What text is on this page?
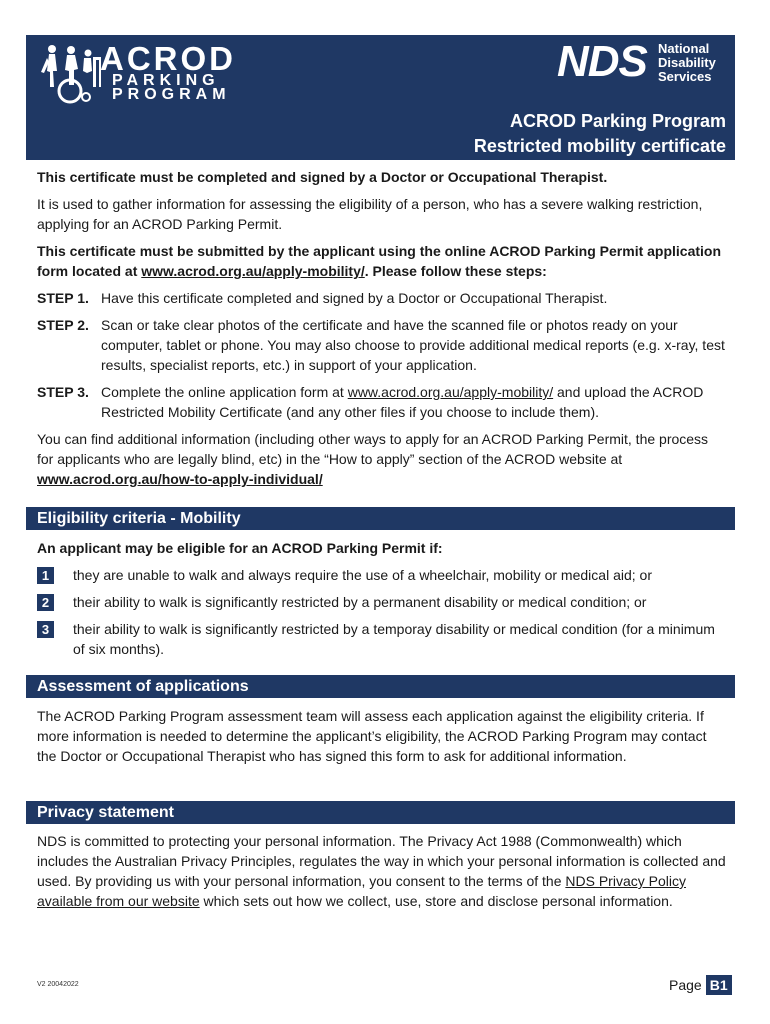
ACROD
PARKING
PROGRAM
NDS National
Disability
Services
ACROD Parking Program
Restricted mobility certificate

This certificate must be completed and signed by a Doctor or Occupational Therapist.

It is used to gather information for assessing the eligibility of a person, who has a severe walking restriction, applying for an ACROD Parking Permit.

This certificate must be submitted by the applicant using the online ACROD Parking Permit application form located at www.acrod.org.au/apply-mobility/. Please follow these steps:

STEP 1. Have this certificate completed and signed by a Doctor or Occupational Therapist.
STEP 2. Scan or take clear photos of the certificate and have the scanned file or photos ready on your computer, tablet or phone. You may also choose to provide additional medical reports (e.g. x-ray, test results, specialist reports, etc.) in support of your application.
STEP 3. Complete the online application form at www.acrod.org.au/apply-mobility/ and upload the ACROD Restricted Mobility Certificate (and any other files if you choose to include them).

You can find additional information (including other ways to apply for an ACROD Parking Permit, the process for applicants who are legally blind, etc) in the “How to apply” section of the ACROD website at www.acrod.org.au/how-to-apply-individual/

Eligibility criteria - Mobility

An applicant may be eligible for an ACROD Parking Permit if:

1	they are unable to walk and always require the use of a wheelchair, mobility or medical aid; or
2	their ability to walk is significantly restricted by a permanent disability or medical condition; or
3	their ability to walk is significantly restricted by a temporay disability or medical condition (for a minimum of six months).
Assessment of applications

The ACROD Parking Program assessment team will assess each application against the eligibility criteria. If more information is needed to determine the applicant’s eligibility, the ACROD Parking Program may contact the Doctor or Occupational Therapist who has signed this form to ask for additional information.

Privacy statement

NDS is committed to protecting your personal information. The Privacy Act 1988 (Commonwealth) which includes the Australian Privacy Principles, regulates the way in which your personal information is collected and used. By providing us with your personal information, you consent to the terms of the NDS Privacy Policy available from our website which sets out how we collect, use, store and disclose personal information.

V2 20042022	Page B1
